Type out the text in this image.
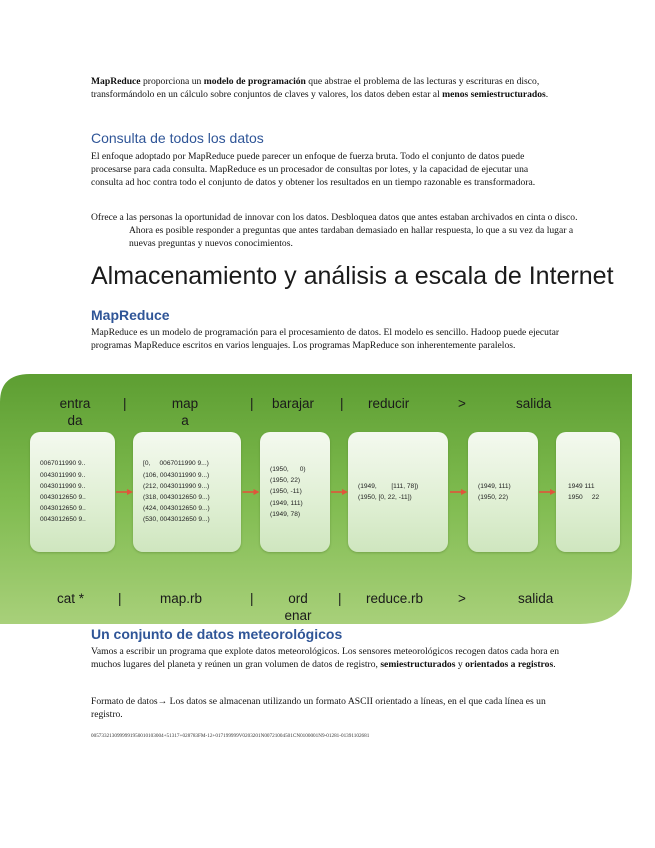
MapReduce proporciona un modelo de programación que abstrae el problema de las lecturas y escrituras en disco, transformándolo en un cálculo sobre conjuntos de claves y valores, los datos deben estar al menos semiestructurados.

Consulta de todos los datos

El enfoque adoptado por MapReduce puede parecer un enfoque de fuerza bruta. Todo el conjunto de datos puede procesarse para cada consulta. MapReduce es un procesador de consultas por lotes, y la capacidad de ejecutar una consulta ad hoc contra todo el conjunto de datos y obtener los resultados en un tiempo razonable es transformadora.

Ofrece a las personas la oportunidad de innovar con los datos. Desbloquea datos que antes estaban archivados en cinta o disco. Ahora es posible responder a preguntas que antes tardaban demasiado en hallar respuesta, lo que a su vez da lugar a nuevas preguntas y nuevos conocimientos.

Almacenamiento y análisis a escala de Internet
MapReduce

MapReduce es un modelo de programación para el procesamiento de datos. El modelo es sencillo. Hadoop puede ejecutar programas MapReduce escritos en varios lenguajes. Los programas MapReduce son inherentemente paralelos.

entra
da
|	map
a
| barajar | reducir	>	salida
0067011990 9..
0043011990 9..
0043011990 9..
0043012650 9..
0043012650 9..
0043012650 9..
[0,     0067011990 9...)
(106, 0043011990 9...)
(212, 0043011990 9...)
(318, 0043012650 9...)
(424, 0043012650 9...)
(530, 0043012650 9...)
(1950,      0)
(1950, 22)
(1950, -11)
(1949, 111)
(1949, 78)
(1949,        [111, 78])
(1950, [0, 22, -11])
(1949, 111)
(1950, 22)
1949 111
1950     22
cat *	|	map.rb	|	ord
enar
| reduce.rb	>	salida
Un conjunto de datos meteorológicos

Vamos a escribir un programa que explote datos meteorológicos. Los sensores meteorológicos recogen datos cada hora en muchos lugares del planeta y reúnen un gran volumen de datos de registro, semiestructurados y orientados a registros.

Formato de datos→ Los datos se almacenan utilizando un formato ASCII orientado a líneas, en el que cada línea es un registro.

0057332130999991950010103004+51317+028783FM-12+017199999V0203201N00721004501CN0100001N9-01281-01391102681
